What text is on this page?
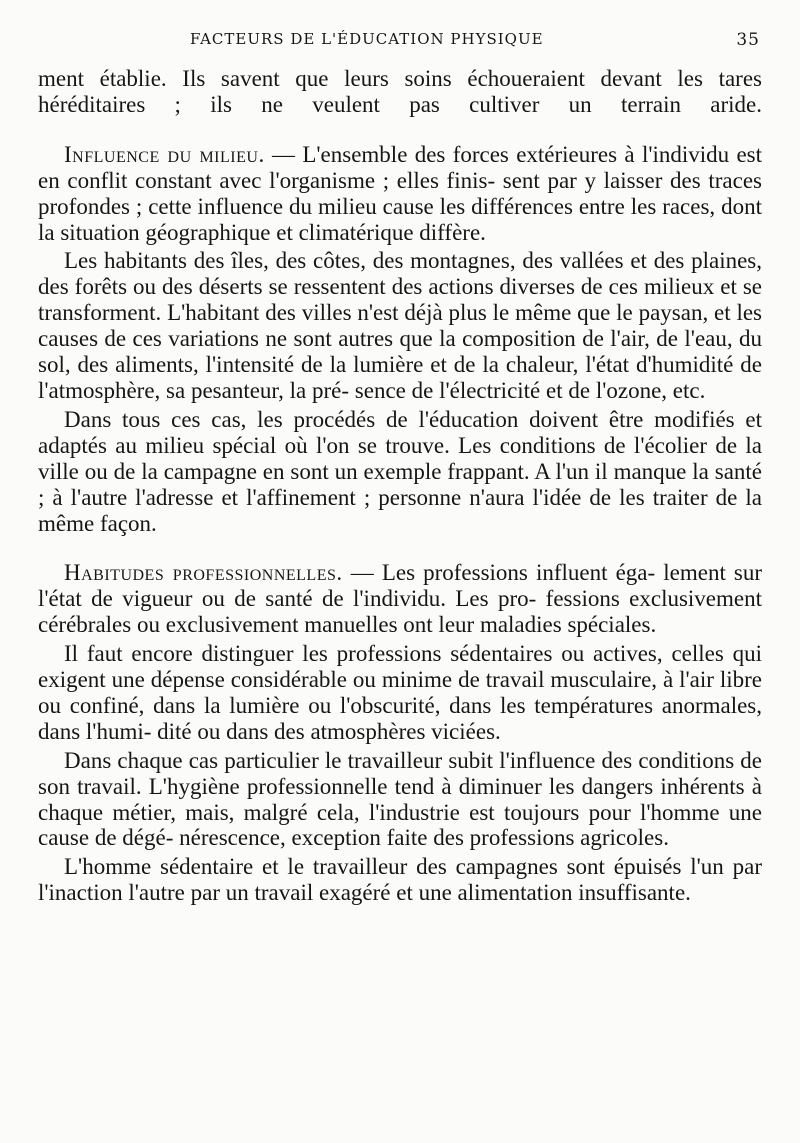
FACTEURS DE L'ÉDUCATION PHYSIQUE	35

ment établie. Ils savent que leurs soins échoueraient devant les tares héréditaires ; ils ne veulent pas cultiver un terrain aride.

Influence du milieu. — L'ensemble des forces extérieures à l'individu est en conflit constant avec l'organisme ; elles finis- sent par y laisser des traces profondes ; cette influence du milieu cause les différences entre les races, dont la situation géographique et climatérique diffère.

Les habitants des îles, des côtes, des montagnes, des vallées et des plaines, des forêts ou des déserts se ressentent des actions diverses de ces milieux et se transforment. L'habitant des villes n'est déjà plus le même que le paysan, et les causes de ces variations ne sont autres que la composition de l'air, de l'eau, du sol, des aliments, l'intensité de la lumière et de la chaleur, l'état d'humidité de l'atmosphère, sa pesanteur, la pré- sence de l'électricité et de l'ozone, etc.

Dans tous ces cas, les procédés de l'éducation doivent être modifiés et adaptés au milieu spécial où l'on se trouve. Les conditions de l'écolier de la ville ou de la campagne en sont un exemple frappant. A l'un il manque la santé ; à l'autre l'adresse et l'affinement ; personne n'aura l'idée de les traiter de la même façon.

Habitudes professionnelles. — Les professions influent éga- lement sur l'état de vigueur ou de santé de l'individu. Les pro- fessions exclusivement cérébrales ou exclusivement manuelles ont leur maladies spéciales.

Il faut encore distinguer les professions sédentaires ou actives, celles qui exigent une dépense considérable ou minime de travail musculaire, à l'air libre ou confiné, dans la lumière ou l'obscurité, dans les températures anormales, dans l'humi- dité ou dans des atmosphères viciées.

Dans chaque cas particulier le travailleur subit l'influence des conditions de son travail. L'hygiène professionnelle tend à diminuer les dangers inhérents à chaque métier, mais, malgré cela, l'industrie est toujours pour l'homme une cause de dégé- nérescence, exception faite des professions agricoles.

L'homme sédentaire et le travailleur des campagnes sont épuisés l'un par l'inaction l'autre par un travail exagéré et une alimentation insuffisante.
